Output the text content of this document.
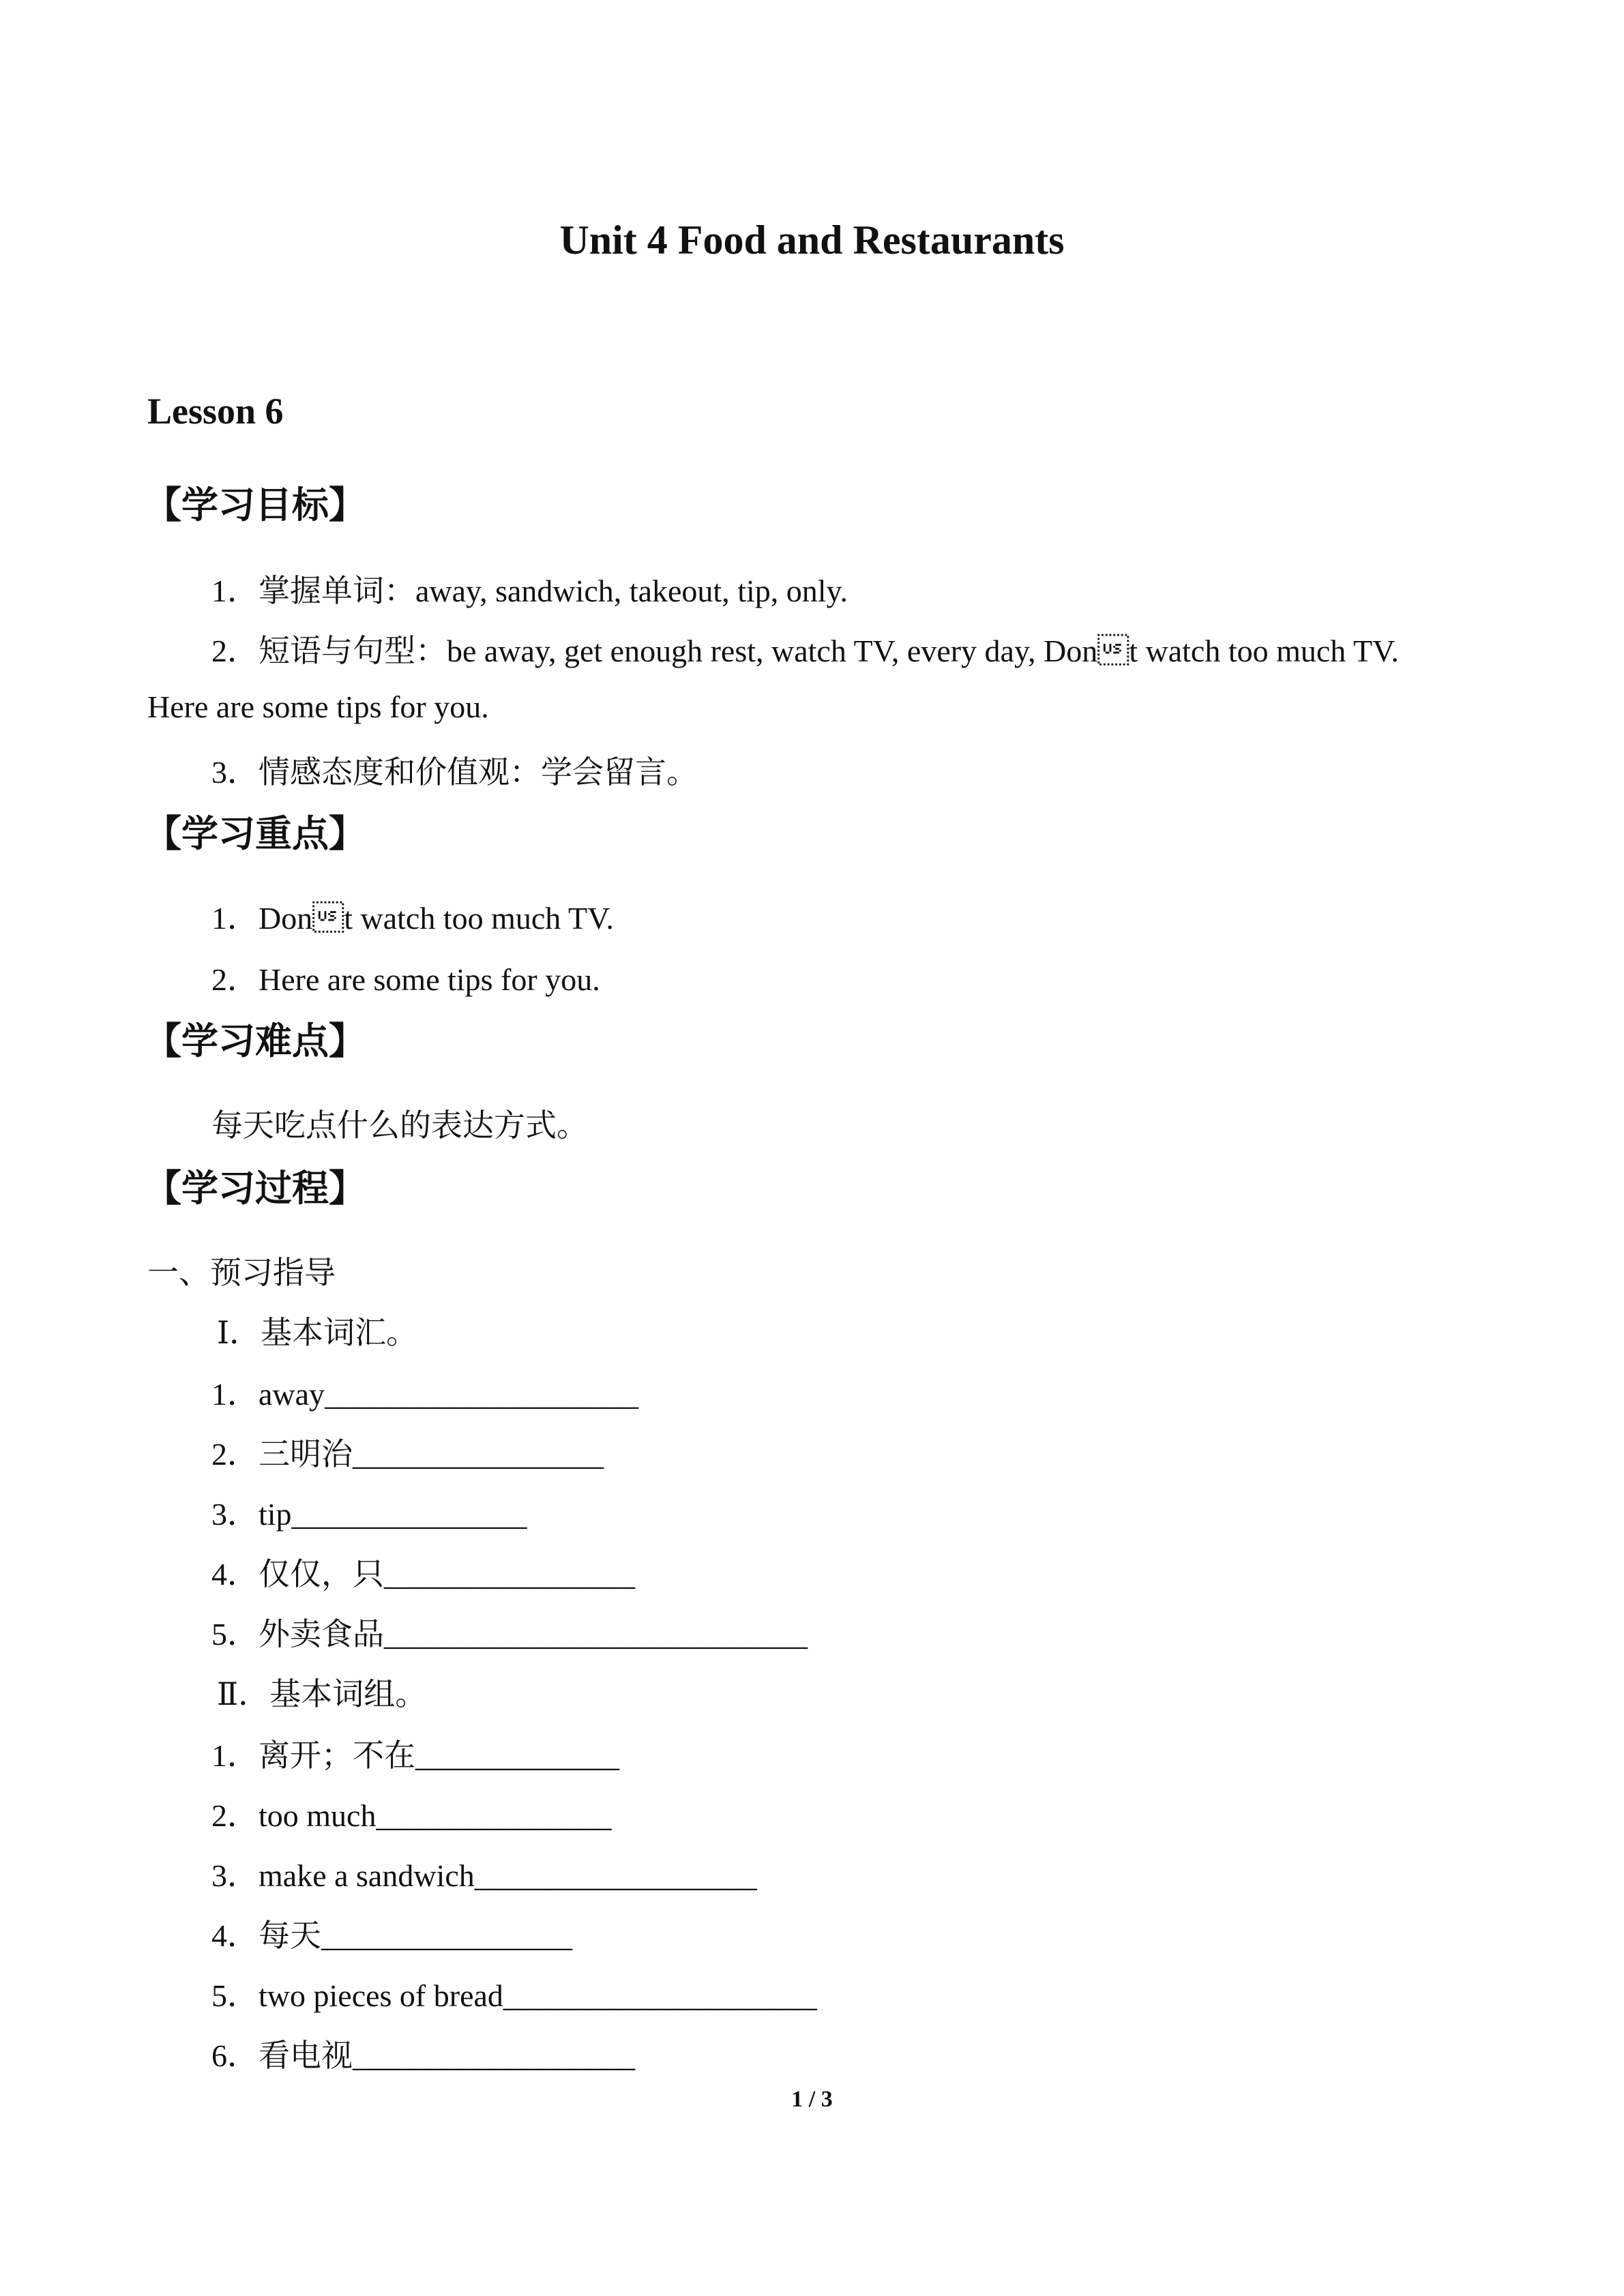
Unit 4 Food and Restaurants
Lesson 6
【学习目标】
1．掌握单词：away, sandwich, takeout, tip, only.
2．短语与句型：be away, get enough rest, watch TV, every day, Dont watch too much TV.
Here are some tips for you.
3．情感态度和价值观：学会留言。
【学习重点】
1．Dont watch too much TV.
2．Here are some tips for you.
【学习难点】
每天吃点什么的表达方式。
【学习过程】
一、预习指导
Ⅰ．基本词汇。
1．away____________________
2．三明治________________
3．tip_______________
4．仅仅，只________________
5．外卖食品___________________________
Ⅱ．基本词组。
1．离开；不在_____________
2．too much_______________
3．make a sandwich__________________
4．每天________________
5．two pieces of bread____________________
6．看电视__________________
1 / 3
